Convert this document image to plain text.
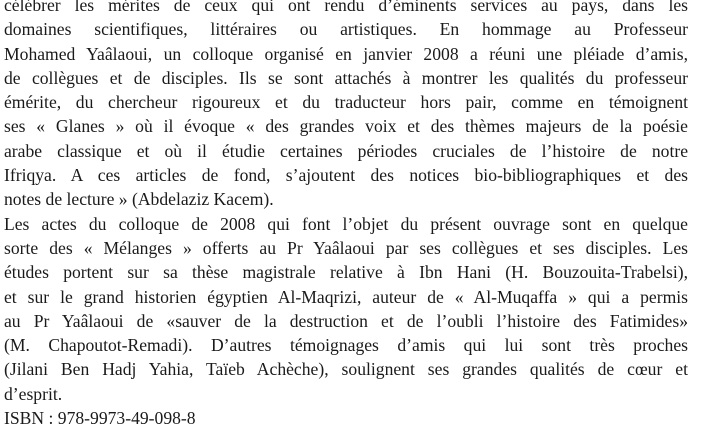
célébrer les mérites de ceux qui ont rendu d’éminents services au pays, dans les
domaines scientifiques, littéraires ou artistiques. En hommage au Professeur
Mohamed Yaâlaoui, un colloque organisé en janvier 2008 a réuni une pléiade d’amis,
de collègues et de disciples. Ils se sont attachés à montrer les qualités du professeur
émérite, du chercheur rigoureux et du traducteur hors pair, comme en témoignent
ses « Glanes » où il évoque « des grandes voix et des thèmes majeurs de la poésie
arabe classique et où il étudie certaines périodes cruciales de l’histoire de notre
Ifriqya. A ces articles de fond, s’ajoutent des notices bio-bibliographiques et des
notes de lecture » (Abdelaziz Kacem).
Les actes du colloque de 2008 qui font l’objet du présent ouvrage sont en quelque
sorte des « Mélanges » offerts au Pr Yaâlaoui par ses collègues et ses disciples. Les
études portent sur sa thèse magistrale relative à Ibn Hani (H. Bouzouita-Trabelsi),
et sur le grand historien égyptien Al-Maqrizi, auteur de « Al-Muqaffa » qui a permis
au Pr Yaâlaoui de «sauver de la destruction et de l’oubli l’histoire des Fatimides»
(M. Chapoutot-Remadi). D’autres témoignages d’amis qui lui sont très proches
(Jilani Ben Hadj Yahia, Taïeb Achèche), soulignent ses grandes qualités de cœur et
d’esprit.
ISBN : 978-9973-49-098-8
